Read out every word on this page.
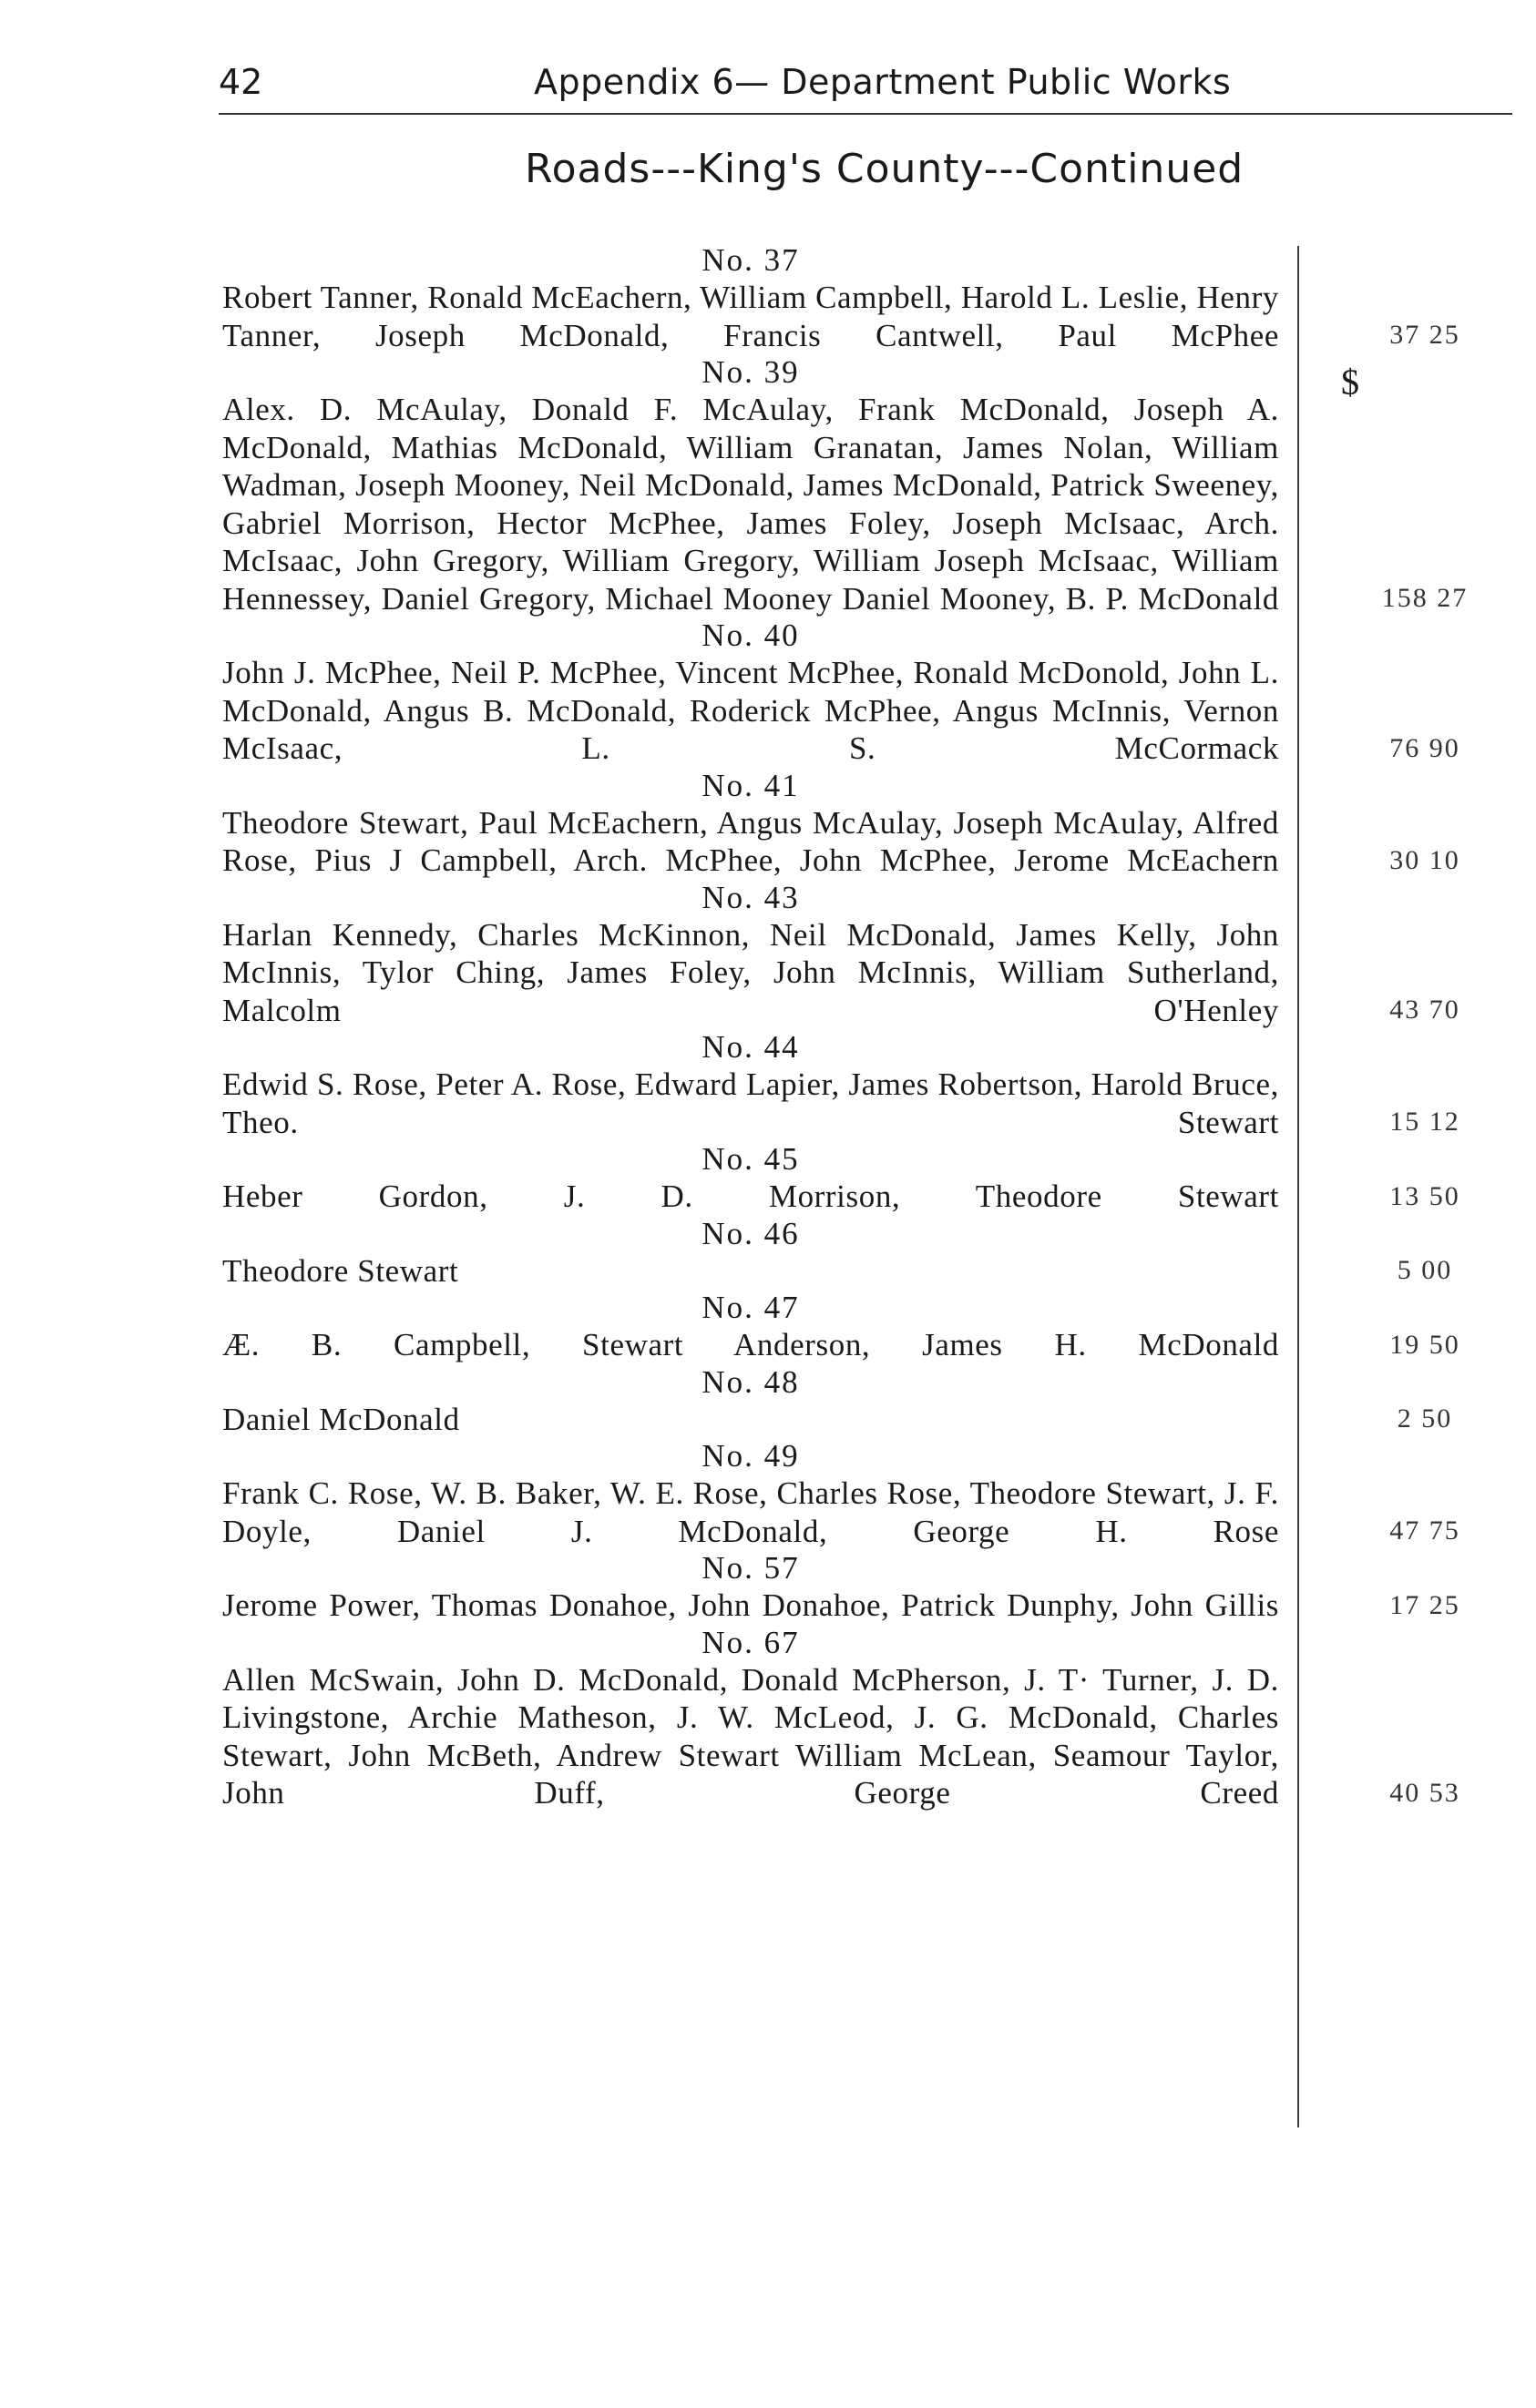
42	Appendix 6— Department Public Works
Roads---King's County---Continued
$
No. 37
Robert Tanner, Ronald McEachern, William Campbell, Harold L. Leslie, Henry Tanner, Joseph McDonald, Francis Cantwell, Paul McPhee	37 25
No. 39
Alex. D. McAulay, Donald F. McAulay, Frank McDonald, Joseph A. McDonald, Mathias McDonald, William Granatan, James Nolan, William Wadman, Joseph Mooney, Neil McDonald, James McDonald, Patrick Sweeney, Gabriel Morrison, Hector McPhee, James Foley, Joseph McIsaac, Arch. McIsaac, John Gregory, William Gregory, William Joseph McIsaac, William Hennessey, Daniel Gregory, Michael Mooney Daniel Mooney, B. P. McDonald	158 27
No. 40
John J. McPhee, Neil P. McPhee, Vincent McPhee, Ronald McDonold, John L. McDonald, Angus B. McDonald, Roderick McPhee, Angus McInnis, Vernon McIsaac, L. S. McCormack	76 90
No. 41
Theodore Stewart, Paul McEachern, Angus McAulay, Joseph McAulay, Alfred Rose, Pius J Campbell, Arch. McPhee, John McPhee, Jerome McEachern	30 10
No. 43
Harlan Kennedy, Charles McKinnon, Neil McDonald, James Kelly, John McInnis, Tylor Ching, James Foley, John McInnis, William Sutherland, Malcolm O'Henley	43 70
No. 44
Edwid S. Rose, Peter A. Rose, Edward Lapier, James Robertson, Harold Bruce, Theo. Stewart	15 12
No. 45
Heber Gordon, J. D. Morrison, Theodore Stewart	13 50
No. 46
Theodore Stewart	5 00
No. 47
Æ. B. Campbell, Stewart Anderson, James H. McDonald	19 50
No. 48
Daniel McDonald	2 50
No. 49
Frank C. Rose, W. B. Baker, W. E. Rose, Charles Rose, Theodore Stewart, J. F. Doyle, Daniel J. McDonald, George H. Rose	47 75
No. 57
Jerome Power, Thomas Donahoe, John Donahoe, Patrick Dunphy, John Gillis	17 25
No. 67
Allen McSwain, John D. McDonald, Donald McPherson, J. T· Turner, J. D. Livingstone, Archie Matheson, J. W. McLeod, J. G. McDonald, Charles Stewart, John McBeth, Andrew Stewart William McLean, Seamour Taylor, John Duff, George Creed	40 53
